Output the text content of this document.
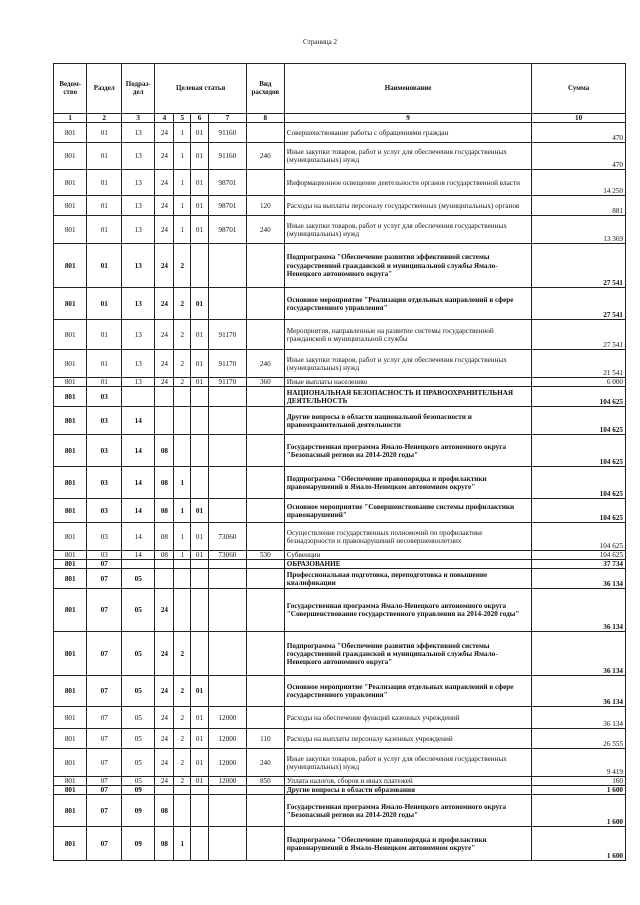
Страница 2
Ведом-ство	Раздел	Подраз-дел	Целевая статья				Вид расходов	Наименование	Сумма
1	2	3	4	5	6	7	8	9	10
801	01	13	24	1	01	91160		Совершенствование работы с обращениями граждан	470
801	01	13	24	1	01	91160	240	Иные закупки товаров, работ и услуг для обеспечения государственных (муниципальных) нужд	470
801	01	13	24	1	01	98701		Информационное освещение деятельности органов государственной власти	14 250
801	01	13	24	1	01	98701	120	Расходы на выплаты персоналу государственных (муниципальных) органов	881
801	01	13	24	1	01	98701	240	Иные закупки товаров, работ и услуг для обеспечения государственных (муниципальных) нужд	13 369
801	01	13	24	2				Подпрограмма "Обеспечение развития эффективной системы государственной гражданской и муниципальной службы Ямало-Ненецкого автономного округа"	27 541
801	01	13	24	2	01			Основное мероприятие "Реализация отдельных направлений в сфере государственного управления"	27 541
801	01	13	24	2	01	91170		Мероприятия, направленные на развитие системы государственной гражданской и муниципальной службы	27 541
801	01	13	24	2	01	91170	240	Иные закупки товаров, работ и услуг для обеспечения государственных (муниципальных) нужд	21 541
801	01	13	24	2	01	91170	360	Иные выплаты населению	6 000
801	03							НАЦИОНАЛЬНАЯ БЕЗОПАСНОСТЬ И ПРАВООХРАНИТЕЛЬНАЯ ДЕЯТЕЛЬНОСТЬ	104 625
801	03	14						Другие вопросы в области национальной безопасности и правоохранительной деятельности	104 625
801	03	14	08					Государственная программа Ямало-Ненецкого автономного округа "Безопасный регион на 2014-2020 годы"	104 625
801	03	14	08	1				Подпрограмма "Обеспечение правопорядка и профилактики правонарушений в Ямало-Ненецком автономном округе"	104 625
801	03	14	08	1	01			Основное мероприятие "Совершенствование системы профилактики правонарушений"	104 625
801	03	14	08	1	01	73060		Осуществление государственных полномочий по профилактике безнадзорности и правонарушений несовершеннолетних	104 625
801	03	14	08	1	01	73060	530	Субвенции	104 625
801	07							ОБРАЗОВАНИЕ	37 734
801	07	05						Профессиональная подготовка, переподготовка и повышение квалификации	36 134
801	07	05	24					Государственная программа Ямало-Ненецкого автономного округа "Совершенствование государственного управления на 2014-2020 годы"	36 134
801	07	05	24	2				Подпрограмма "Обеспечение развития эффективной системы государственной гражданской и муниципальной службы Ямало-Ненецкого автономного округа"	36 134
801	07	05	24	2	01			Основное мероприятие "Реализация отдельных направлений в сфере государственного управления"	36 134
801	07	05	24	2	01	12000		Расходы на обеспечение функций казенных учреждений	36 134
801	07	05	24	2	01	12000	110	Расходы на выплаты персоналу казенных учреждений	26 555
801	07	05	24	2	01	12000	240	Иные закупки товаров, работ и услуг для обеспечения государственных (муниципальных) нужд	9 419
801	07	05	24	2	01	12000	850	Уплата налогов, сборов и иных платежей	160
801	07	09						Другие вопросы в области образования	1 600
801	07	09	08					Государственная программа Ямало-Ненецкого автономного округа "Безопасный регион на 2014-2020 годы"	1 600
801	07	09	08	1				Подпрограмма "Обеспечение правопорядка и профилактики правонарушений в Ямало-Ненецком автономном округе"	1 600
